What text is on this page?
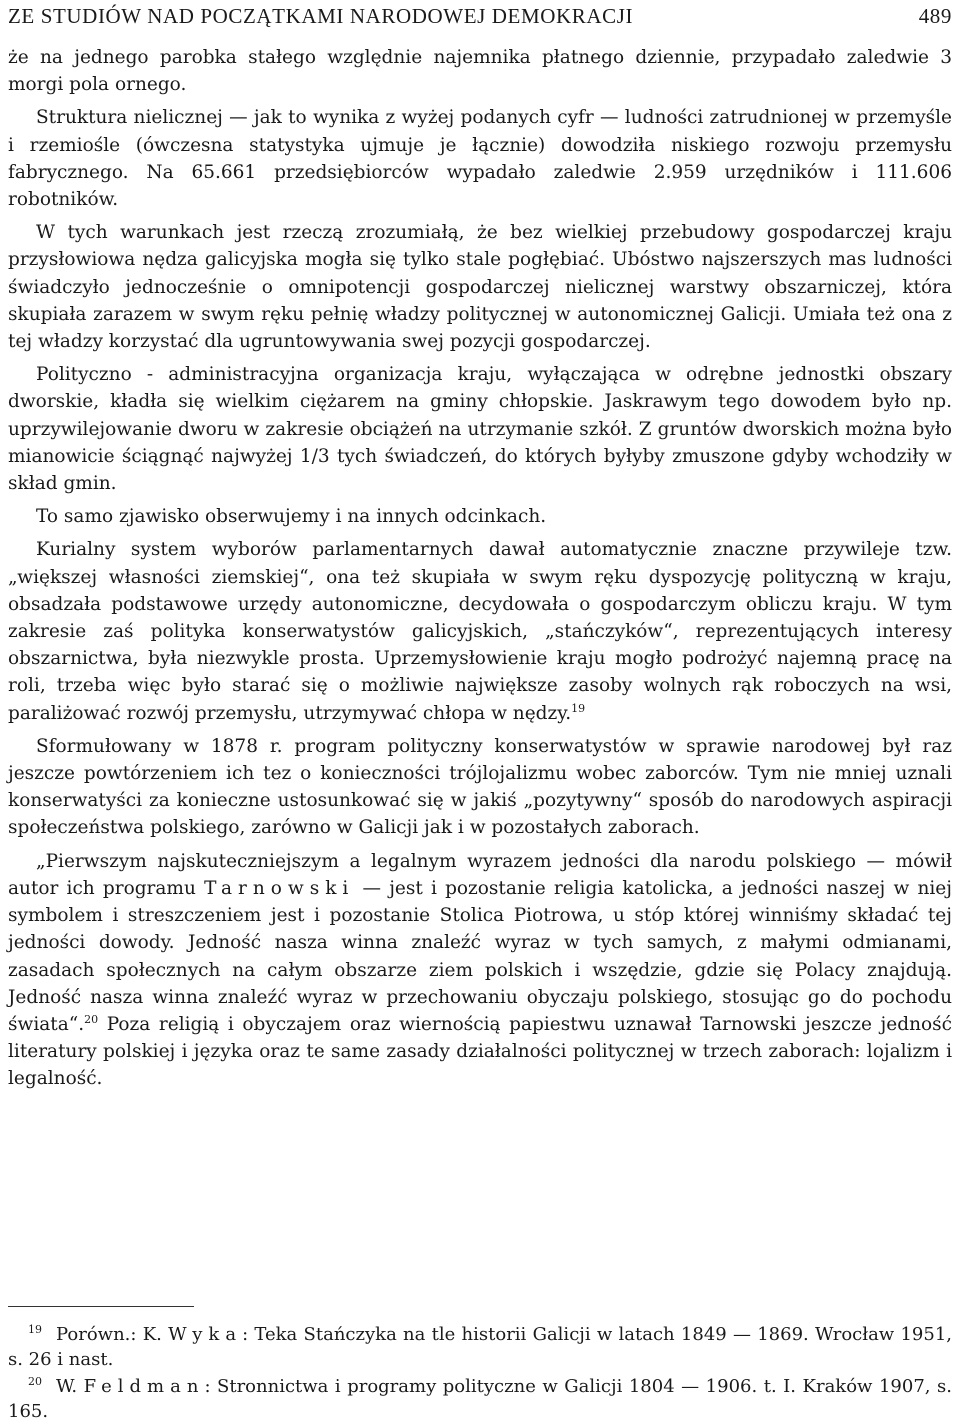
ZE STUDIÓW NAD POCZĄTKAMI NARODOWEJ DEMOKRACJI	489

że na jednego parobka stałego względnie najemnika płatnego dziennie, przypadało zaledwie 3 morgi pola ornego.

Struktura nielicznej — jak to wynika z wyżej podanych cyfr — ludności zatrudnionej w przemyśle i rzemiośle (ówczesna statystyka ujmuje je łącznie) dowodziła niskiego rozwoju przemysłu fabrycznego. Na 65.661 przedsiębiorców wypadało zaledwie 2.959 urzędników i 111.606 robotników.

W tych warunkach jest rzeczą zrozumiałą, że bez wielkiej przebudowy gospodarczej kraju przysłowiowa nędza galicyjska mogła się tylko stale pogłębiać. Ubóstwo najszerszych mas ludności świadczyło jednocześnie o omnipotencji gospodarczej nielicznej warstwy obszarniczej, która skupiała zarazem w swym ręku pełnię władzy politycznej w autonomicznej Galicji. Umiała też ona z tej władzy korzystać dla ugruntowywania swej pozycji gospodarczej.

Polityczno - administracyjna organizacja kraju, wyłączająca w odrębne jednostki obszary dworskie, kładła się wielkim ciężarem na gminy chłopskie. Jaskrawym tego dowodem było np. uprzywilejowanie dworu w zakresie obciążeń na utrzymanie szkół. Z gruntów dworskich można było mianowicie ściągnąć najwyżej 1/3 tych świadczeń, do których byłyby zmuszone gdyby wchodziły w skład gmin.

To samo zjawisko obserwujemy i na innych odcinkach.

Kurialny system wyborów parlamentarnych dawał automatycznie znaczne przywileje tzw. „większej własności ziemskiej“, ona też skupiała w swym ręku dyspozycję polityczną w kraju, obsadzała podstawowe urzędy autonomiczne, decydowała o gospodarczym obliczu kraju. W tym zakresie zaś polityka konserwatystów galicyjskich, „stańczyków“, reprezentujących interesy obszarnictwa, była niezwykle prosta. Uprzemysłowienie kraju mogło podrożyć najemną pracę na roli, trzeba więc było starać się o możliwie największe zasoby wolnych rąk roboczych na wsi, paraliżować rozwój przemysłu, utrzymywać chłopa w nędzy.$^{19}$

Sformułowany w 1878 r. program polityczny konserwatystów w sprawie narodowej był raz jeszcze powtórzeniem ich tez o konieczności trójlojalizmu wobec zaborców. Tym nie mniej uznali konserwatyści za konieczne ustosunkować się w jakiś „pozytywny“ sposób do narodowych aspiracji społeczeństwa polskiego, zarówno w Galicji jak i w pozostałych zaborach.

„Pierwszym najskuteczniejszym a legalnym wyrazem jedności dla narodu polskiego — mówił autor ich programu Tarnowski — jest i pozostanie religia katolicka, a jedności naszej w niej symbolem i streszczeniem jest i pozostanie Stolica Piotrowa, u stóp której winniśmy składać tej jedności dowody. Jedność nasza winna znaleźć wyraz w tych samych, z małymi odmianami, zasadach społecznych na całym obszarze ziem polskich i wszędzie, gdzie się Polacy znajdują. Jedność nasza winna znaleźć wyraz w przechowaniu obyczaju polskiego, stosując go do pochodu świata“.$^{20}$ Poza religią i obyczajem oraz wiernością papiestwu uznawał Tarnowski jeszcze jedność literatury polskiej i języka oraz te same zasady działalności politycznej w trzech zaborach: lojalizm i legalność.

$^{19}$ Porówn.: K. Wyka: Teka Stańczyka na tle historii Galicji w latach 1849 — 1869. Wrocław 1951, s. 26 i nast.

$^{20}$ W. Feldman: Stronnictwa i programy polityczne w Galicji 1804 — 1906. t. I. Kraków 1907, s. 165.
